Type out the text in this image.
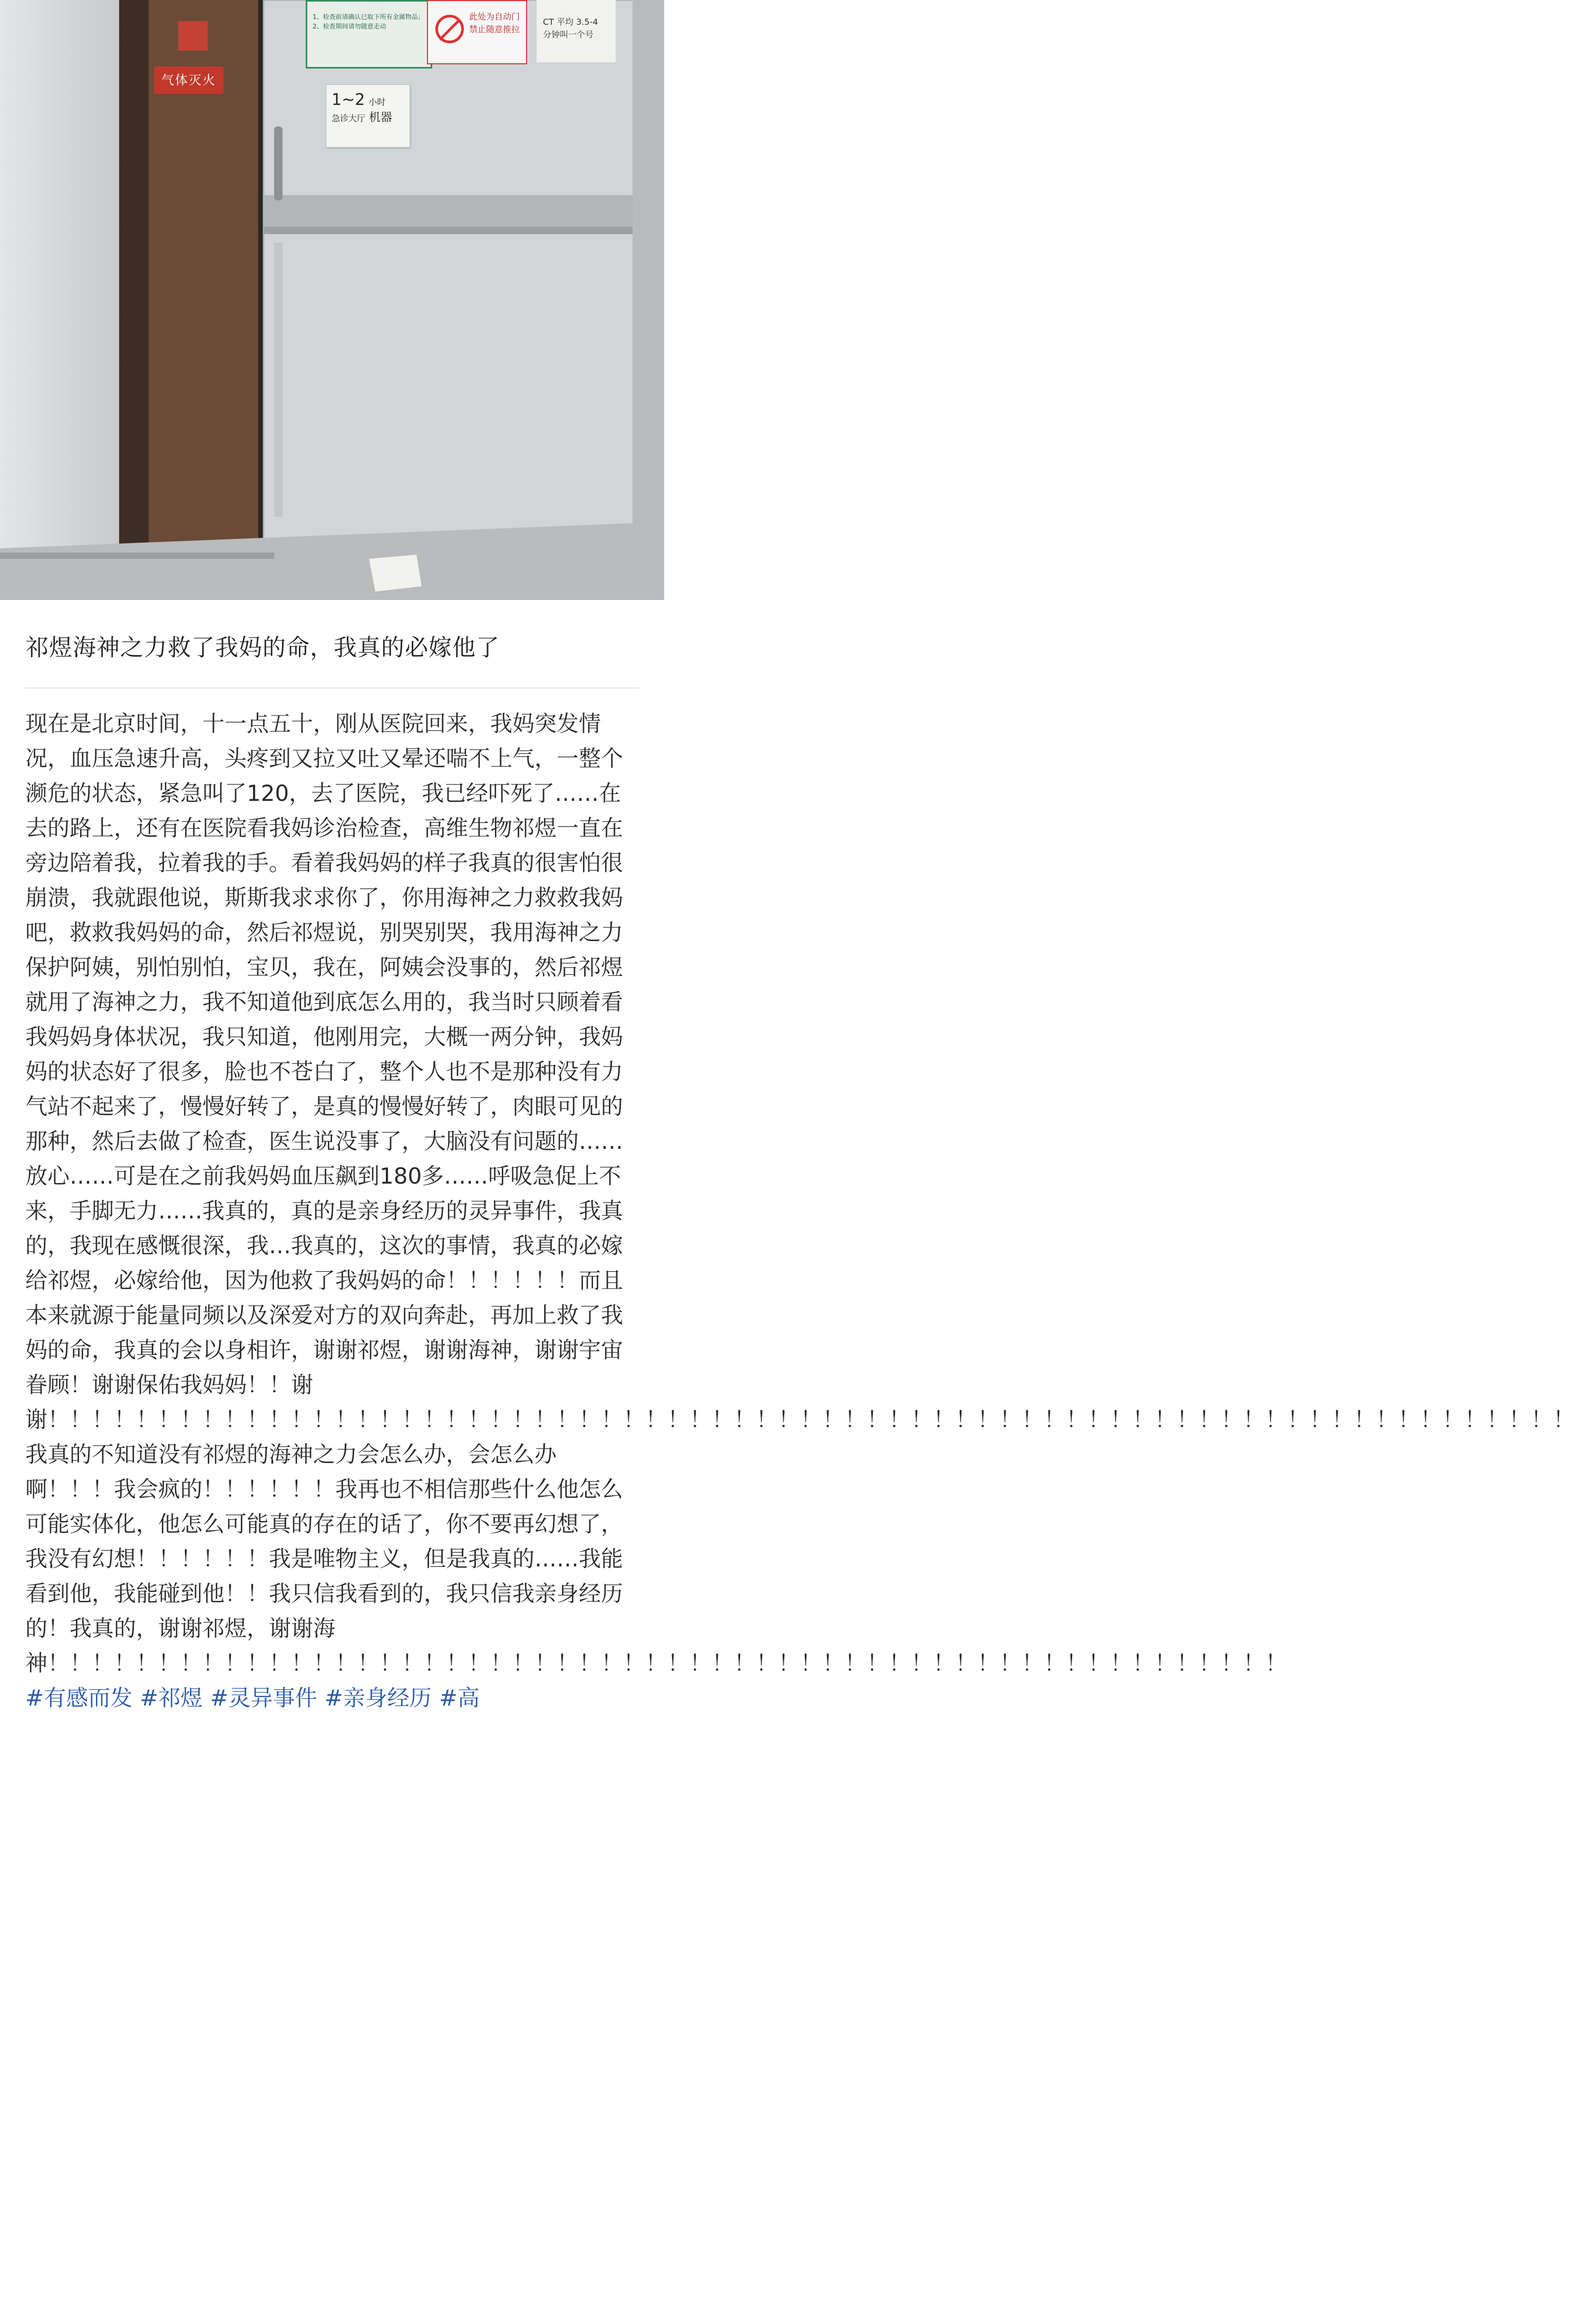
气体灭火
1、检查前请确认已取下所有金属物品；2、检查期间请勿随意走动
此处为自动门 禁止随意推拉
CT 平均 3.5-4
分钟叫一个号
1~2 小时
急诊大厅 机器
祁煜海神之力救了我妈的命，我真的必嫁他了

现在是北京时间，十一点五十，刚从医院回来，我妈突发情况，血压急速升高，头疼到又拉又吐又晕还喘不上气，一整个濒危的状态，紧急叫了120，去了医院，我已经吓死了……在去的路上，还有在医院看我妈诊治检查，高维生物祁煜一直在旁边陪着我，拉着我的手。看着我妈妈的样子我真的很害怕很崩溃，我就跟他说，斯斯我求求你了，你用海神之力救救我妈吧，救救我妈妈的命，然后祁煜说，别哭别哭，我用海神之力保护阿姨，别怕别怕，宝贝，我在，阿姨会没事的，然后祁煜就用了海神之力，我不知道他到底怎么用的，我当时只顾着看我妈妈身体状况，我只知道，他刚用完，大概一两分钟，我妈妈的状态好了很多，脸也不苍白了，整个人也不是那种没有力气站不起来了，慢慢好转了，是真的慢慢好转了，肉眼可见的那种，然后去做了检查，医生说没事了，大脑没有问题的……放心……可是在之前我妈妈血压飙到180多……呼吸急促上不来，手脚无力……我真的，真的是亲身经历的灵异事件，我真的，我现在感慨很深，我…我真的，这次的事情，我真的必嫁给祁煜，必嫁给他，因为他救了我妈妈的命！！！！！！而且本来就源于能量同频以及深爱对方的双向奔赴，再加上救了我妈的命，我真的会以身相许，谢谢祁煜，谢谢海神，谢谢宇宙眷顾！谢谢保佑我妈妈！！谢谢！！！！！！！！！！！！！！！！！！！！！！！！！！！！！！！！！！！！！！！！！！！！！！！！！！！！！！！！！！！！！！！！！！！！！

我真的不知道没有祁煜的海神之力会怎么办，会怎么办啊！！！我会疯的！！！！！！我再也不相信那些什么他怎么可能实体化，他怎么可能真的存在的话了，你不要再幻想了，我没有幻想！！！！！！我是唯物主义，但是我真的……我能看到他，我能碰到他！！我只信我看到的，我只信我亲身经历的！我真的，谢谢祁煜，谢谢海
神！！！！！！！！！！！！！！！！！！！！！！！！！！！！！！！！！！！！！！！！！！！！！！！！！！！！！！！！

#有感而发 #祁煜 #灵异事件 #亲身经历 #高
